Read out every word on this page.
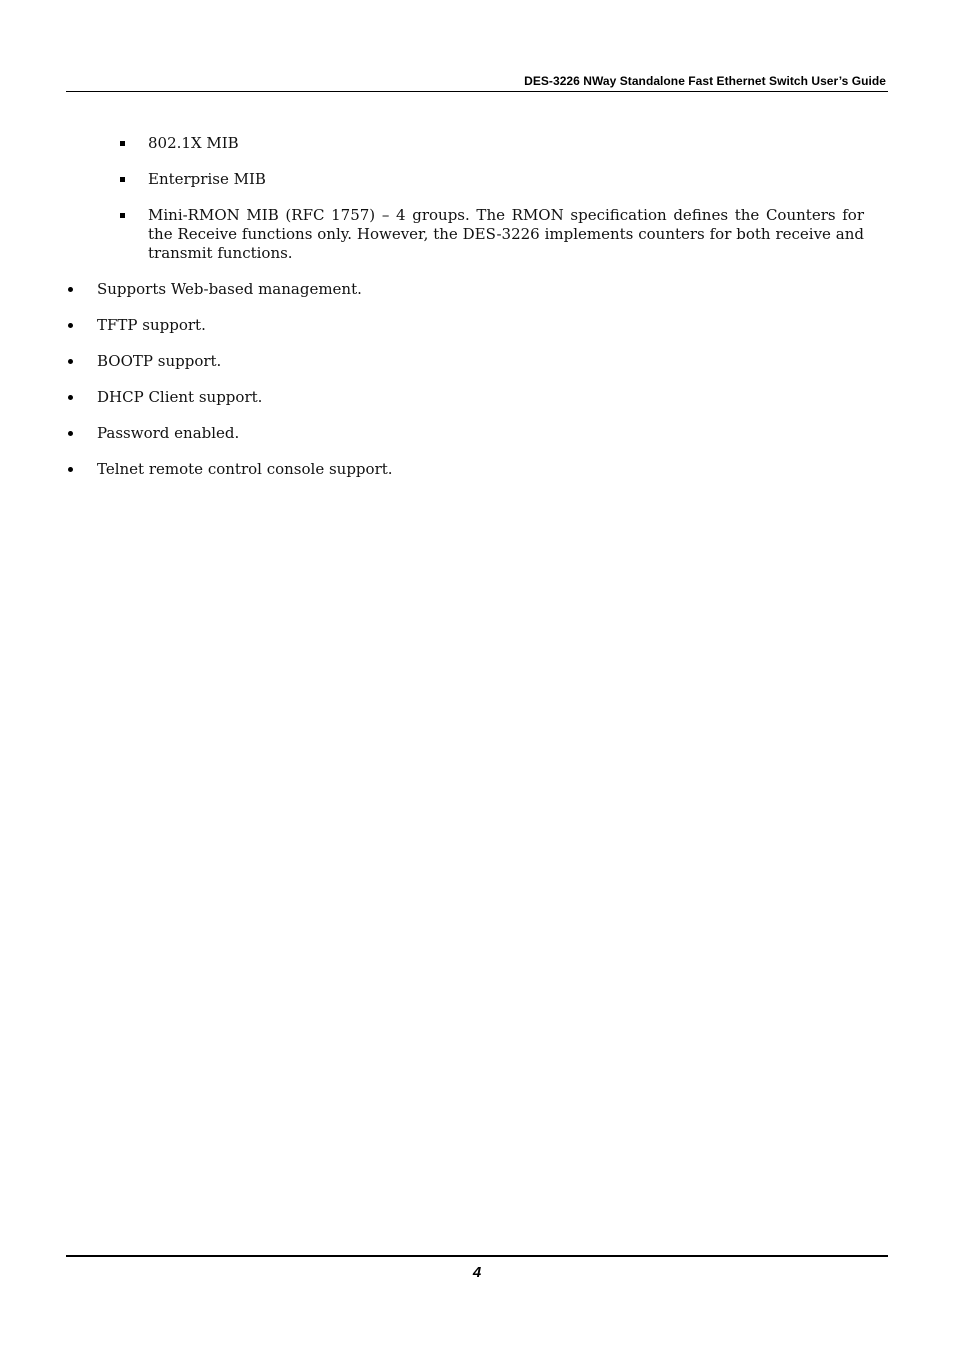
DES-3226 NWay Standalone Fast Ethernet Switch User’s Guide
802.1X MIB
Enterprise MIB
Mini-RMON MIB (RFC 1757) – 4 groups. The RMON specification defines the Counters for the Receive functions only. However, the DES-3226 implements counters for both receive and transmit functions.
Supports Web-based management.
TFTP support.
BOOTP support.
DHCP Client support.
Password enabled.
Telnet remote control console support.
4
